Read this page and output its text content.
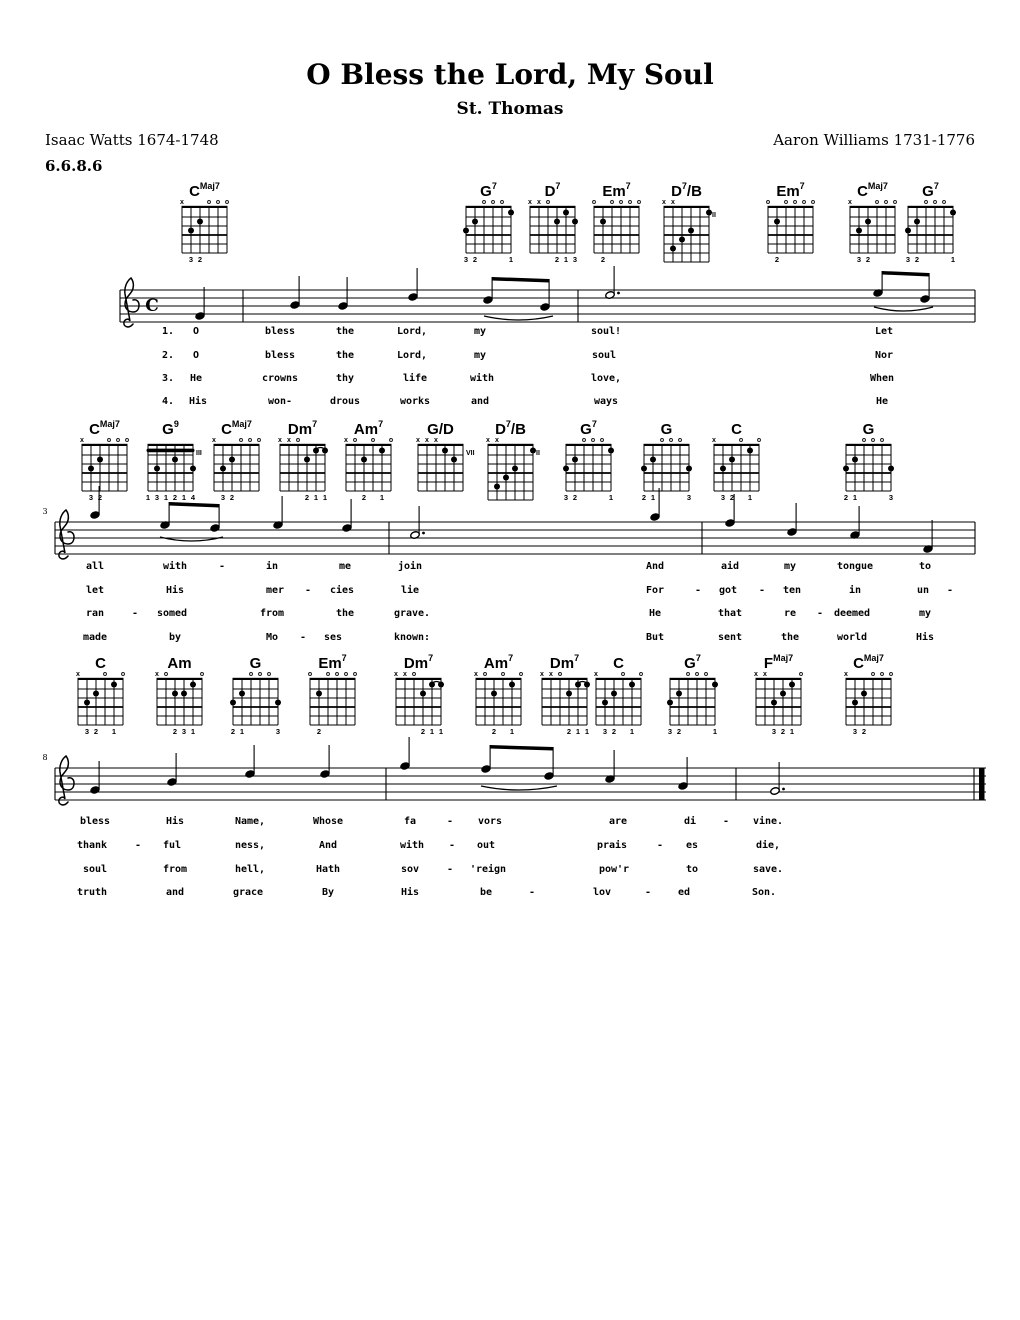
O Bless the Lord, My Soul
St. Thomas
Isaac Watts 1674-1748	Aaron Williams 1731-1776
6.6.8.6
$C^{Maj7}$
x	o o o
3 2
$G^7$
o o o
3 2	1
$D^7$
x x o
2 1 3
Em$^7$
o o o o o
2
$D^7/B$
x x
II
Em$^7$
o o o o o
2
$C^{Maj7}$
x	o o o
3 2
$G^7$
o o o
3 2	1
$C^{Maj7}$
x	o o o
3 2
$G^9$
III
1 3 1 2 1 4
$C^{Maj7}$
x	o o o
3 2
Dm$^7$
x x o
2 1 1
Am$^7$
x o o o
2 1
G/D
x x x
VII
$D^7/B$
x x
II
$G^7$
o o o
3 2	1
G
o o o
2 1	3
C
x	o o
3 2 1
G
o o o
2 1	3
C
x	o o
3 2 1
Am
x o	o
2 3 1
G
o o o
2 1	3
Em$^7$
o o o o o
2
Dm$^7$
x x o
2 1 1
Am$^7$
x o o o
2 1
Dm$^7$
x x o
2 1 1
C
x	o o
3 2 1
$G^7$
o o o
3 2	1
$F^{Maj7}$
x x	o
3 2 1
$C^{Maj7}$
x	o o o
3 2
C
3
8
1. O	bless	the	Lord,	my	soul!	Let
2. O	bless	the	Lord,	my	soul	Nor
3. He	crowns	thy	life	with	love,	When
4. His	won-	drous	works	and	ways	He
all	with	-	in	me	join	And	aid	my	tongue	to
let	His	mer - cies	lie	For	- got - ten	in	un -
ran	- somed	from	the	grave.	He	that	re - deemed	my
made	by	Mo - ses	known:	But	sent	the	world	His
bless	His	Name,	Whose	fa	- vors	are	di	- vine.
thank	- ful	ness,	And	with - out	prais	- es	die,
soul	from	hell,	Hath	sov	- 'reign	pow'r	to	save.
truth	and	grace	By	His	be	-	lov	-	ed	Son.
